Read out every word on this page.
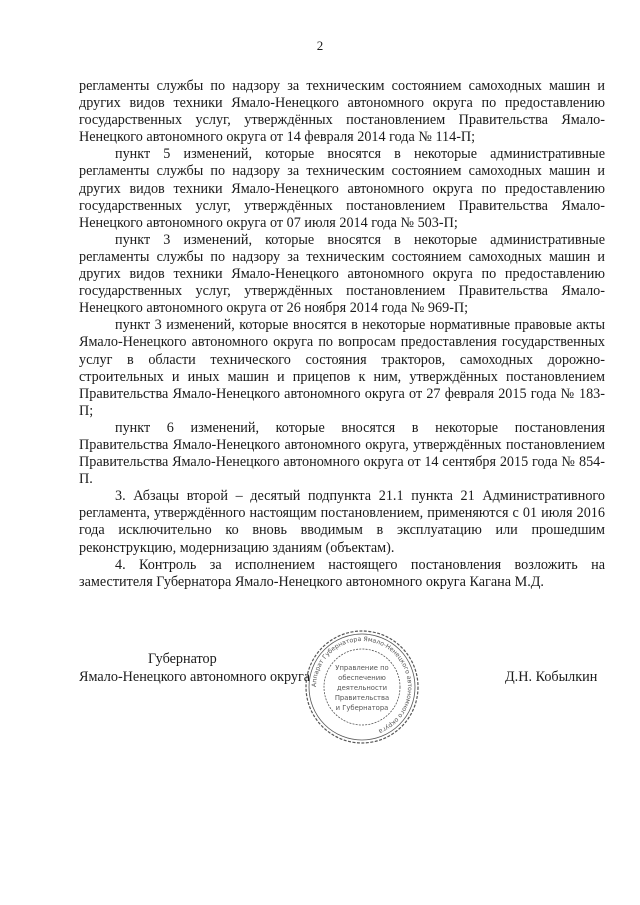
2

регламенты службы по надзору за техническим состоянием самоходных машин и других видов техники Ямало-Ненецкого автономного округа по предоставлению государственных услуг, утверждённых постановлением Правительства Ямало-Ненецкого автономного округа от 14 февраля 2014 года № 114-П;

пункт 5 изменений, которые вносятся в некоторые административные регламенты службы по надзору за техническим состоянием самоходных машин и других видов техники Ямало-Ненецкого автономного округа по предоставлению государственных услуг, утверждённых постановлением Правительства Ямало-Ненецкого автономного округа от 07 июля 2014 года № 503-П;

пункт 3 изменений, которые вносятся в некоторые административные регламенты службы по надзору за техническим состоянием самоходных машин и других видов техники Ямало-Ненецкого автономного округа по предоставлению государственных услуг, утверждённых постановлением Правительства Ямало-Ненецкого автономного округа от 26 ноября 2014 года № 969-П;

пункт 3 изменений, которые вносятся в некоторые нормативные правовые акты Ямало-Ненецкого автономного округа по вопросам предоставления государственных услуг в области технического состояния тракторов, самоходных дорожно-строительных и иных машин и прицепов к ним, утверждённых постановлением Правительства Ямало-Ненецкого автономного округа от 27 февраля 2015 года № 183-П;

пункт 6 изменений, которые вносятся в некоторые постановления Правительства Ямало-Ненецкого автономного округа, утверждённых постановлением Правительства Ямало-Ненецкого автономного округа от 14 сентября 2015 года № 854-П.

3. Абзацы второй – десятый подпункта 21.1 пункта 21 Административного регламента, утверждённого настоящим постановлением, применяются с 01 июля 2016 года исключительно ко вновь вводимым в эксплуатацию или прошедшим реконструкцию, модернизацию зданиям (объектам).

4. Контроль за исполнением настоящего постановления возложить на заместителя Губернатора Ямало-Ненецкого автономного округа Кагана М.Д.

Губернатор
Ямало-Ненецкого автономного округа	Д.Н. Кобылкин
Аппарат Губернатора Ямало-Ненецкого автономного округа
Управление по
обеспечению
деятельности
Правительства
и Губернатора
